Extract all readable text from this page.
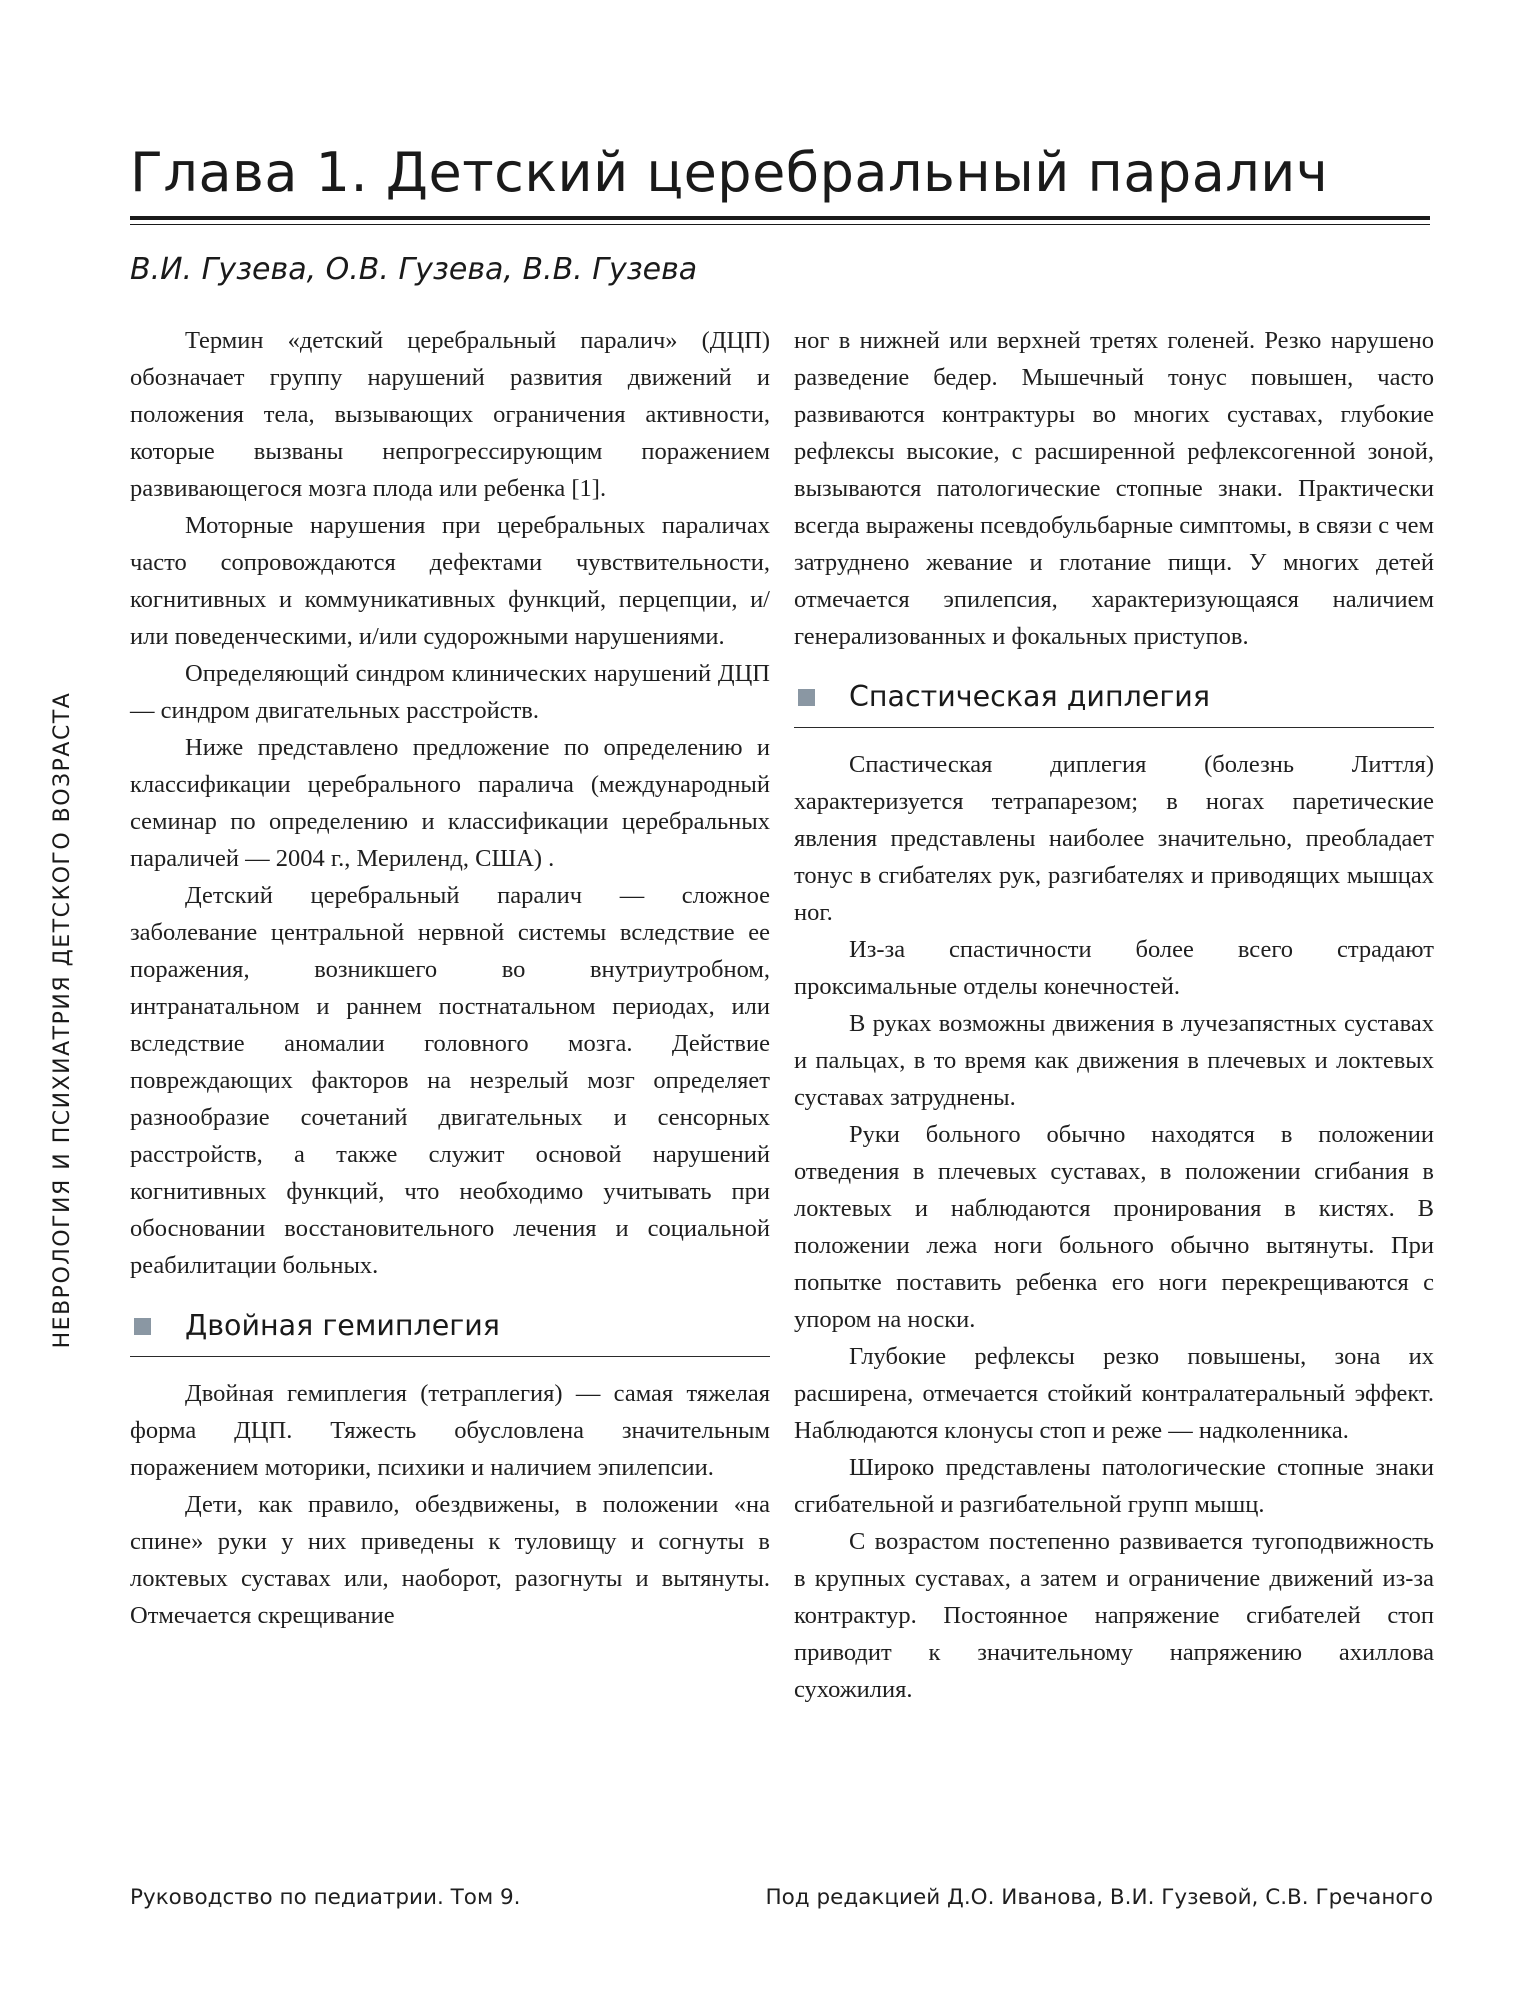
Глава 1. Детский церебральный паралич
В.И. Гузева, О.В. Гузева, В.В. Гузева
НЕВРОЛОГИЯ И ПСИХИАТРИЯ ДЕТСКОГО ВОЗРАСТА

Термин «детский церебральный паралич» (ДЦП) обозначает группу нарушений развития движений и положения тела, вызывающих ограничения активности, которые вызваны непрогрессирующим поражением развивающегося мозга плода или ребенка [1].

Моторные нарушения при церебральных параличах часто сопровождаются дефектами чувствительности, когнитивных и коммуникативных функций, перцепции, и/или поведенческими, и/или судорожными нарушениями.

Определяющий синдром клинических нарушений ДЦП — синдром двигательных расстройств.

Ниже представлено предложение по определению и классификации церебрального паралича (международный семинар по определению и классификации церебральных параличей — 2004 г., Мериленд, США) .

Детский церебральный паралич — сложное заболевание центральной нервной системы вследствие ее поражения, возникшего во внутриутробном, интранатальном и раннем постнатальном периодах, или вследствие аномалии головного мозга. Действие повреждающих факторов на незрелый мозг определяет разнообразие сочетаний двигательных и сенсорных расстройств, а также служит основой нарушений когнитивных функций, что необходимо учитывать при обосновании восстановительного лечения и социальной реабилитации больных.

Двойная гемиплегия

Двойная гемиплегия (тетраплегия) — самая тяжелая форма ДЦП. Тяжесть обусловлена значительным поражением моторики, психики и наличием эпилепсии.

Дети, как правило, обездвижены, в положении «на спине» руки у них приведены к туловищу и согнуты в локтевых суставах или, наоборот, разогнуты и вытянуты. Отмечается скрещивание

ног в нижней или верхней третях голеней. Резко нарушено разведение бедер. Мышечный тонус повышен, часто развиваются контрактуры во многих суставах, глубокие рефлексы высокие, с расширенной рефлексогенной зоной, вызываются патологические стопные знаки. Практически всегда выражены псевдобульбарные симптомы, в связи с чем затруднено жевание и глотание пищи. У многих детей отмечается эпилепсия, характеризующаяся наличием генерализованных и фокальных приступов.

Спастическая диплегия

Спастическая диплегия (болезнь Литтля) характеризуется тетрапарезом; в ногах паретические явления представлены наиболее значительно, преобладает тонус в сгибателях рук, разгибателях и приводящих мышцах ног.

Из-за спастичности более всего страдают проксимальные отделы конечностей.

В руках возможны движения в лучезапястных суставах и пальцах, в то время как движения в плечевых и локтевых суставах затруднены.

Руки больного обычно находятся в положении отведения в плечевых суставах, в положении сгибания в локтевых и наблюдаются пронирования в кистях. В положении лежа ноги больного обычно вытянуты. При попытке поставить ребенка его ноги перекрещиваются с упором на носки.

Глубокие рефлексы резко повышены, зона их расширена, отмечается стойкий контралатеральный эффект. Наблюдаются клонусы стоп и реже — надколенника.

Широко представлены патологические стопные знаки сгибательной и разгибательной групп мышц.

С возрастом постепенно развивается тугоподвижность в крупных суставах, а затем и ограничение движений из-за контрактур. Постоянное напряжение сгибателей стоп приводит к значительному напряжению ахиллова сухожилия.

Руководство по педиатрии. Том 9.	Под редакцией Д.О. Иванова, В.И. Гузевой, С.В. Гречаного
